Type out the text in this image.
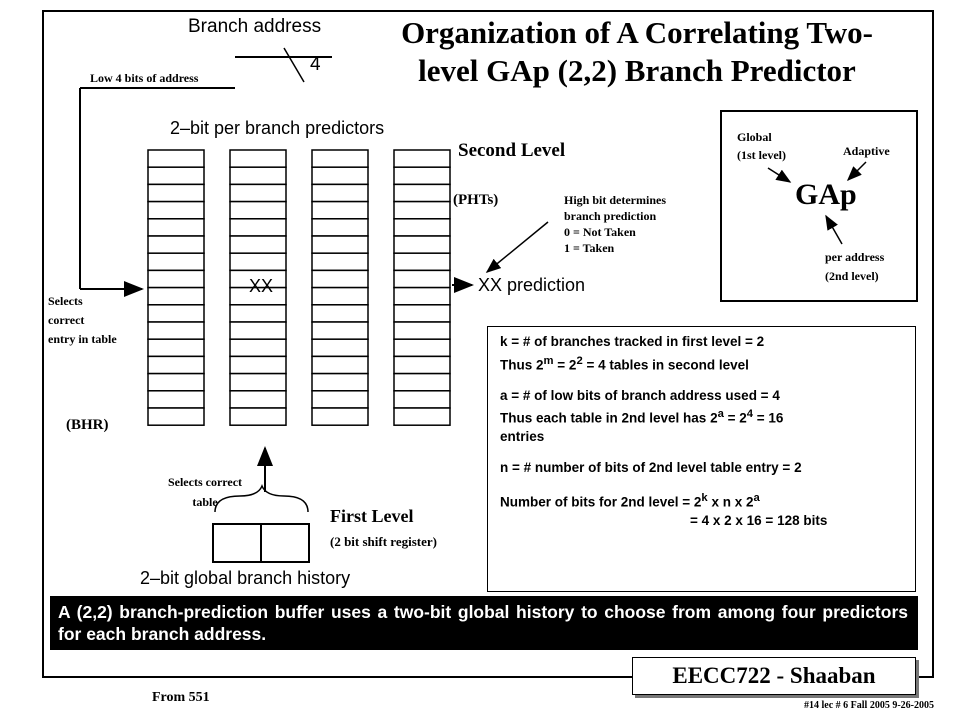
Organization of A Correlating Two-
level GAp (2,2) Branch Predictor
Branch address
4
Low 4 bits of address
2–bit per branch predictors
Second Level
(PHTs)
XX	XX prediction
High bit determines
branch prediction
0 = Not Taken
1 = Taken
Selects
correct
entry in table
(BHR)
Selects correct
table
First Level
(2 bit shift register)
2–bit global branch history
Global
(1st level)	Adaptive
GAp
per address
(2nd level)

k = # of branches tracked in first level = 2

Thus $2^m = 2^2 = 4$ tables in second level

a = # of low bits of branch address used = 4

Thus each table in 2nd level has $2^a = 2^4 = 16$

entries

n = # number of bits of 2nd level table entry = 2

Number of bits for 2nd level = $2^k$ x n x 2$^a$

= 4 x 2 x 16 = 128 bits

A (2,2) branch-prediction buffer uses a two-bit global history to choose from among four predictors for each branch address.
EECC722 - Shaaban
#14 lec # 6 Fall 2005 9-26-2005
From 551
